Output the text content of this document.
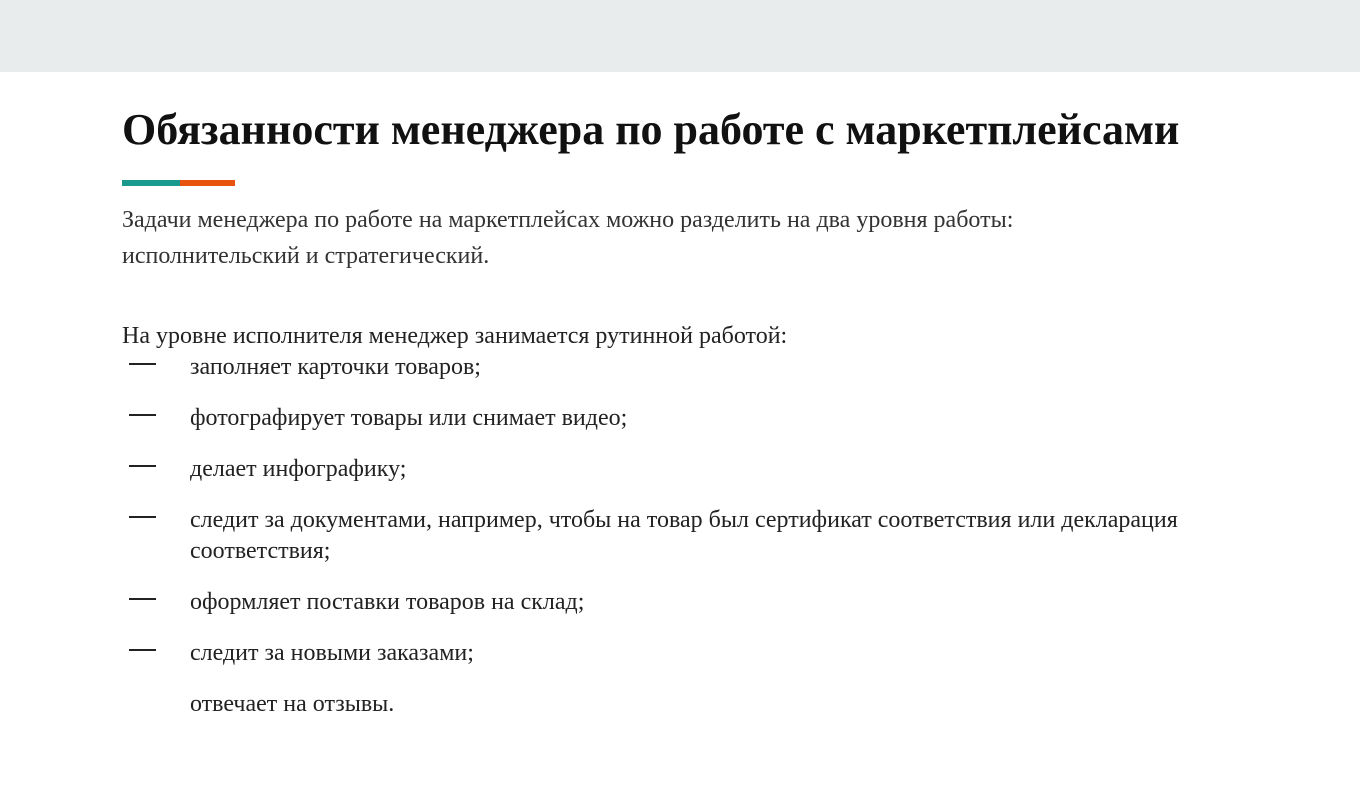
Обязанности менеджера по работе с маркетплейсами

Задачи менеджера по работе на маркетплейсах можно разделить на два уровня работы:
исполнительский и стратегический.

На уровне исполнителя менеджер занимается рутинной работой:

заполняет карточки товаров;
фотографирует товары или снимает видео;
делает инфографику;
следит за документами, например, чтобы на товар был сертификат соответствия или декларация соответствия;
оформляет поставки товаров на склад;
следит за новыми заказами;
отвечает на отзывы.
